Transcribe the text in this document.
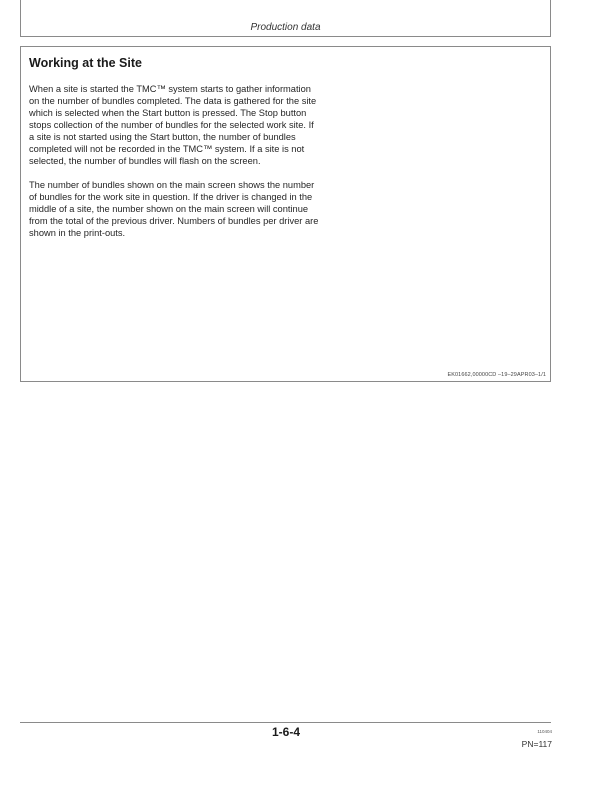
Production data
Working at the Site

When a site is started the TMC™ system starts to gather information on the number of bundles completed. The data is gathered for the site which is selected when the Start button is pressed. The Stop button stops collection of the number of bundles for the selected work site. If a site is not started using the Start button, the number of bundles completed will not be recorded in the TMC™ system. If a site is not selected, the number of bundles will flash on the screen.

The number of bundles shown on the main screen shows the number of bundles for the work site in question. If the driver is changed in the middle of a site, the number shown on the main screen will continue from the total of the previous driver. Numbers of bundles per driver are shown in the print-outs.

EK01662,00000CD –19–29APR03–1/1
1-6-4	110404
PN=117
